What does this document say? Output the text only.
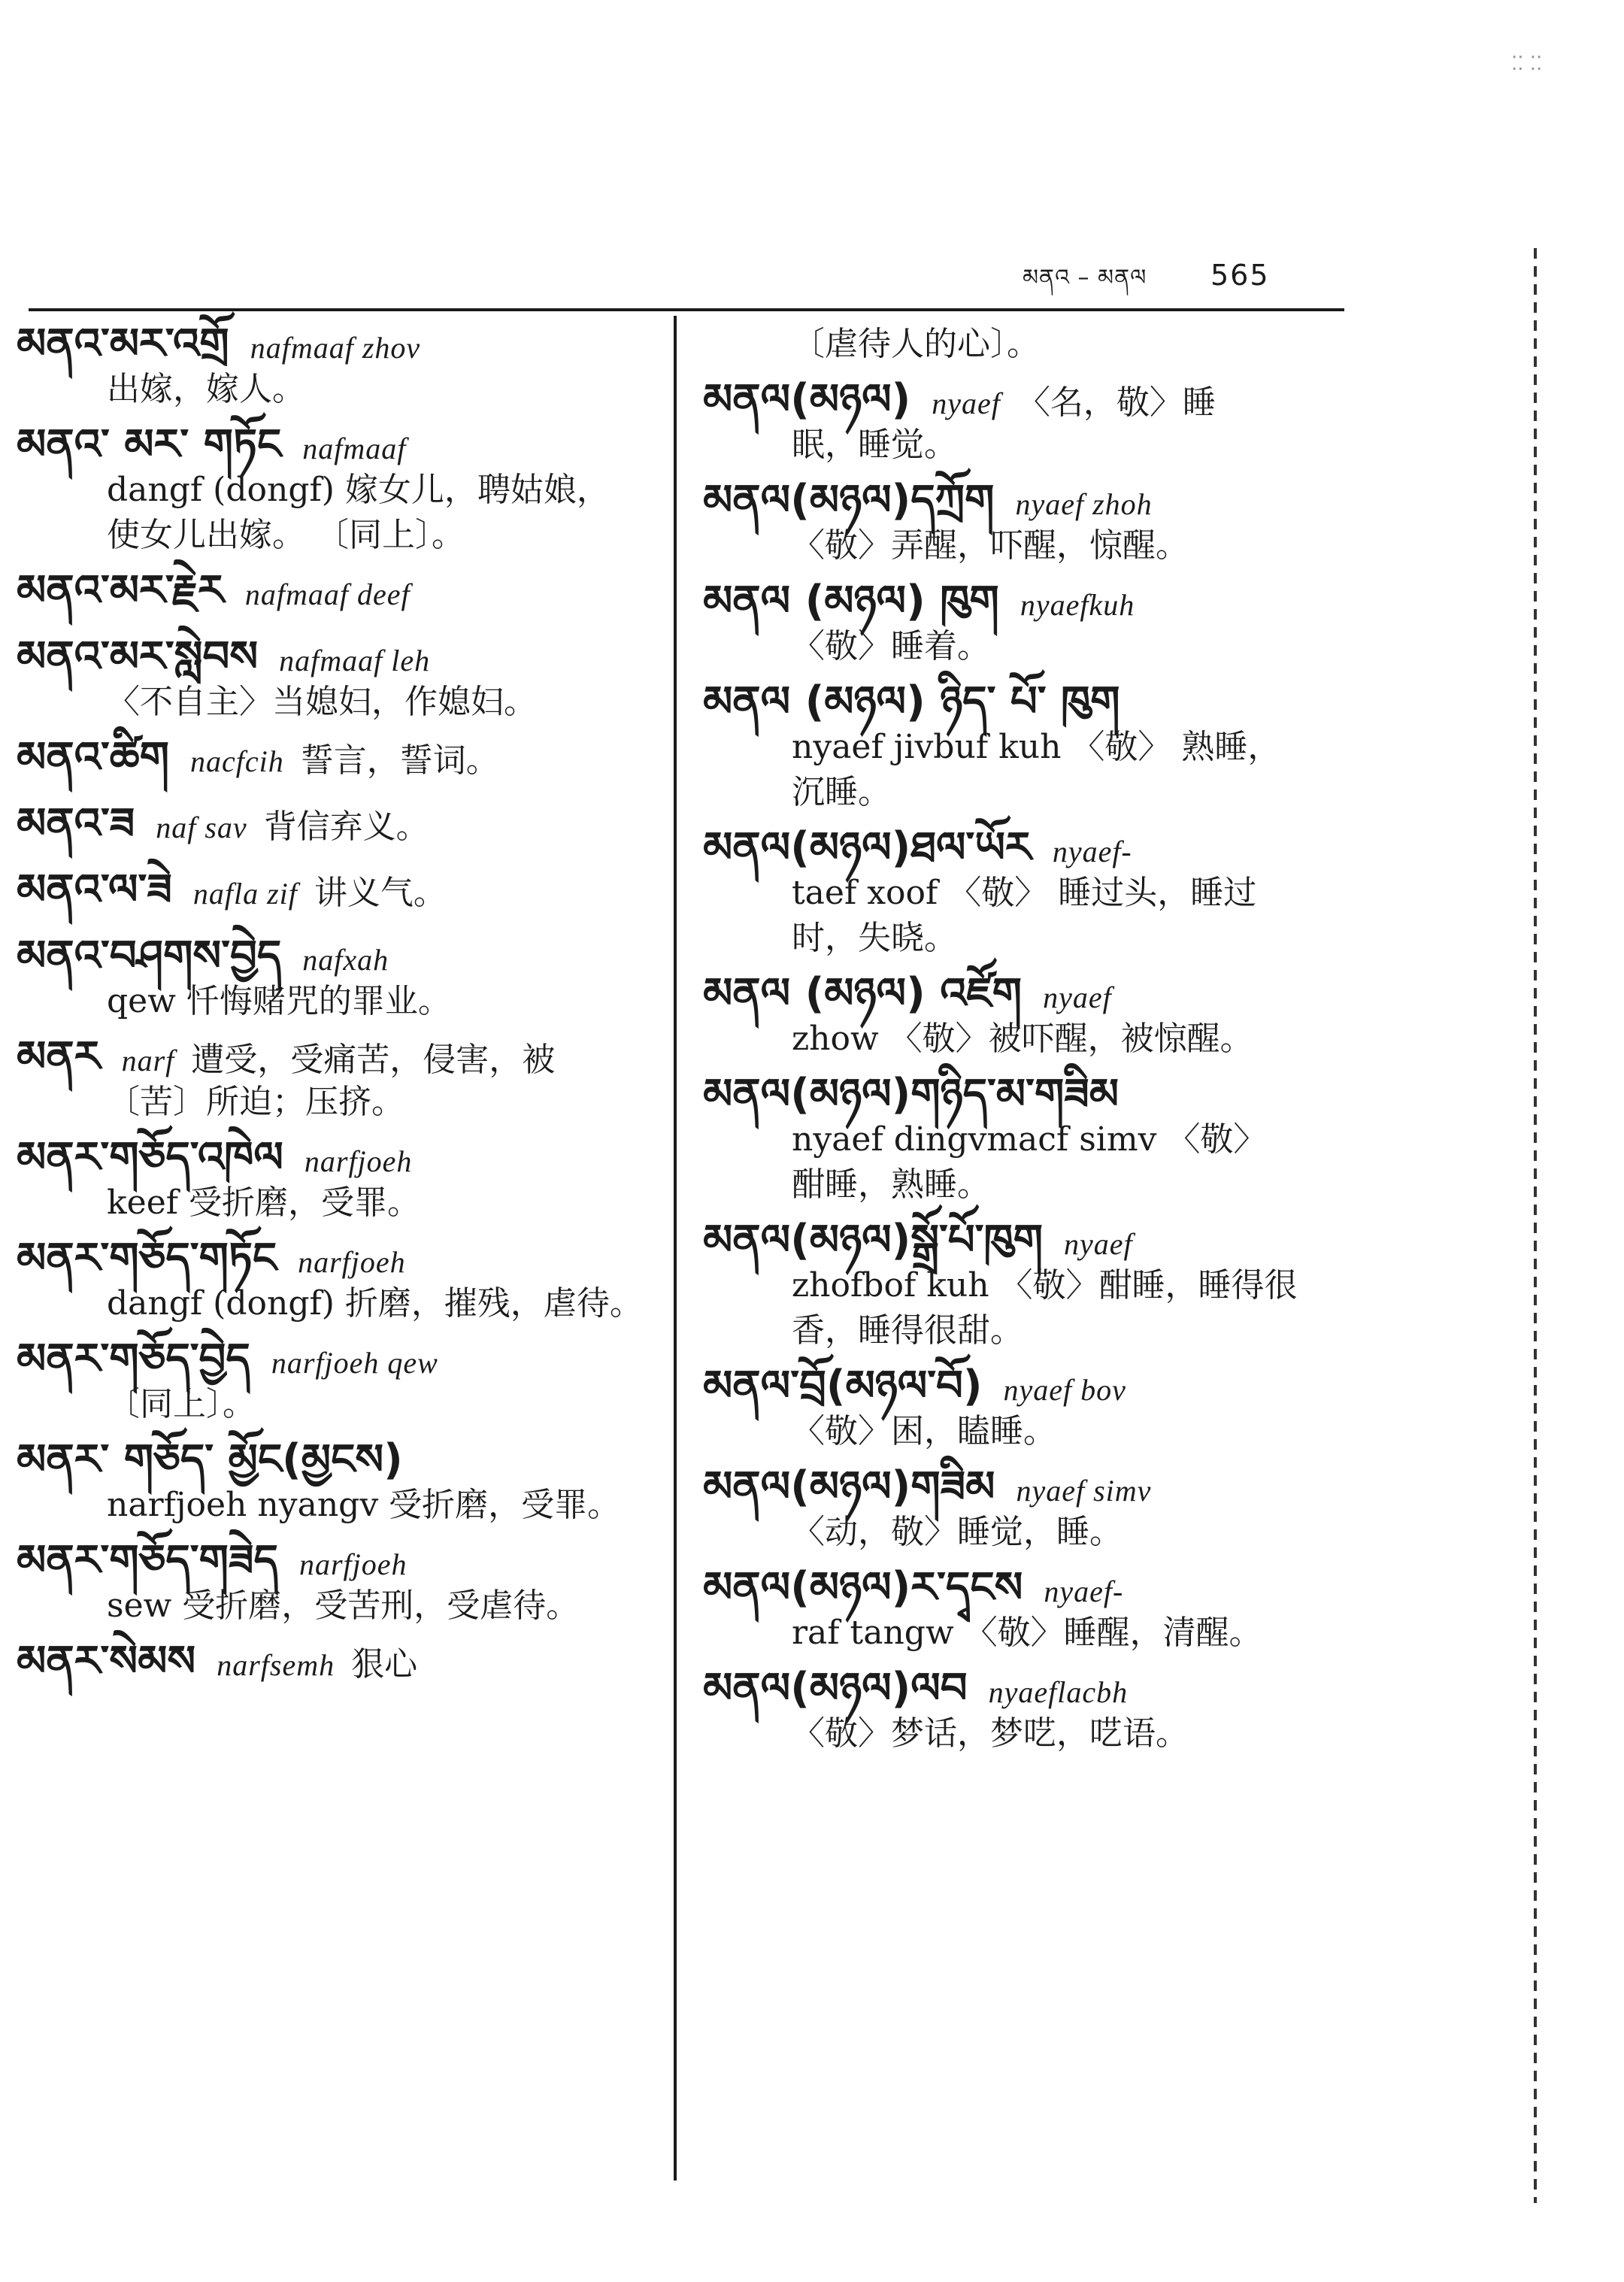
⁚⁚ ⁚⁚
མནའ – མནལ 565
མནའ་མར་འགྲོ nafmaaf zhov
出嫁，嫁人。
མནའ་ མར་ གཏོང nafmaaf
dangf (dongf) 嫁女儿，聘姑娘，
使女儿出嫁。 〔同上〕。
མནའ་མར་རྗེར nafmaaf deef
མནའ་མར་སླེབས nafmaaf leh
〈不自主〉当媳妇，作媳妇。
མནའ་ཚིག nacfcih 誓言，誓词。
མནའ་ཟ naf sav 背信弃义。
མནའ་ལ་ཟེ nafla zif 讲义气。
མནའ་བཤགས་བྱེད nafxah
qew 忏悔赌咒的罪业。
མནར narf 遭受，受痛苦，侵害，被
〔苦〕所迫；压挤。
མནར་གཅོད་འཁེལ narfjoeh
keef 受折磨，受罪。
མནར་གཅོད་གཏོང narfjoeh
dangf (dongf) 折磨，摧残，虐待。
མནར་གཅོད་བྱེད narfjoeh qew
〔同上〕。
མནར་ གཅོད་ མྱོང(མྱངས)
narfjoeh nyangv 受折磨，受罪。
མནར་གཅོད་གཟེད narfjoeh
sew 受折磨，受苦刑，受虐待。
མནར་སེམས narfsemh 狠心
〔虐待人的心〕。
མནལ(མཉལ) nyaef 〈名，敬〉睡
眠，睡觉。
མནལ(མཉལ)དཀྲོག nyaef zhoh
〈敬〉弄醒，吓醒，惊醒。
མནལ (མཉལ) ཁུག nyaefkuh
〈敬〉睡着。
མནལ (མཉལ) ཉིད་ པོ་ ཁུག
nyaef jivbuf kuh 〈敬〉 熟睡，
沉睡。
མནལ(མཉལ)ཐལ་ཡོར nyaef-
taef xoof 〈敬〉 睡过头，睡过
时，失晓。
མནལ (མཉལ) འཛོག nyaef
zhow 〈敬〉被吓醒，被惊醒。
མནལ(མཉལ)གཉིད་མ་གཟིམ
nyaef dingvmacf simv 〈敬〉
酣睡，熟睡。
མནལ(མཉལ)སྒྲོ་པོ་ཁུག nyaef
zhofbof kuh 〈敬〉酣睡，睡得很
香，睡得很甜。
མནལ་བྲོ(མཉལ་བོ) nyaef bov
〈敬〉困，瞌睡。
མནལ(མཉལ)གཟིམ nyaef simv
〈动，敬〉睡觉，睡。
མནལ(མཉལ)ར་དྭངས nyaef-
raf tangw 〈敬〉睡醒，清醒。
མནལ(མཉལ)ལབ nyaeflacbh
〈敬〉梦话，梦呓，呓语。
